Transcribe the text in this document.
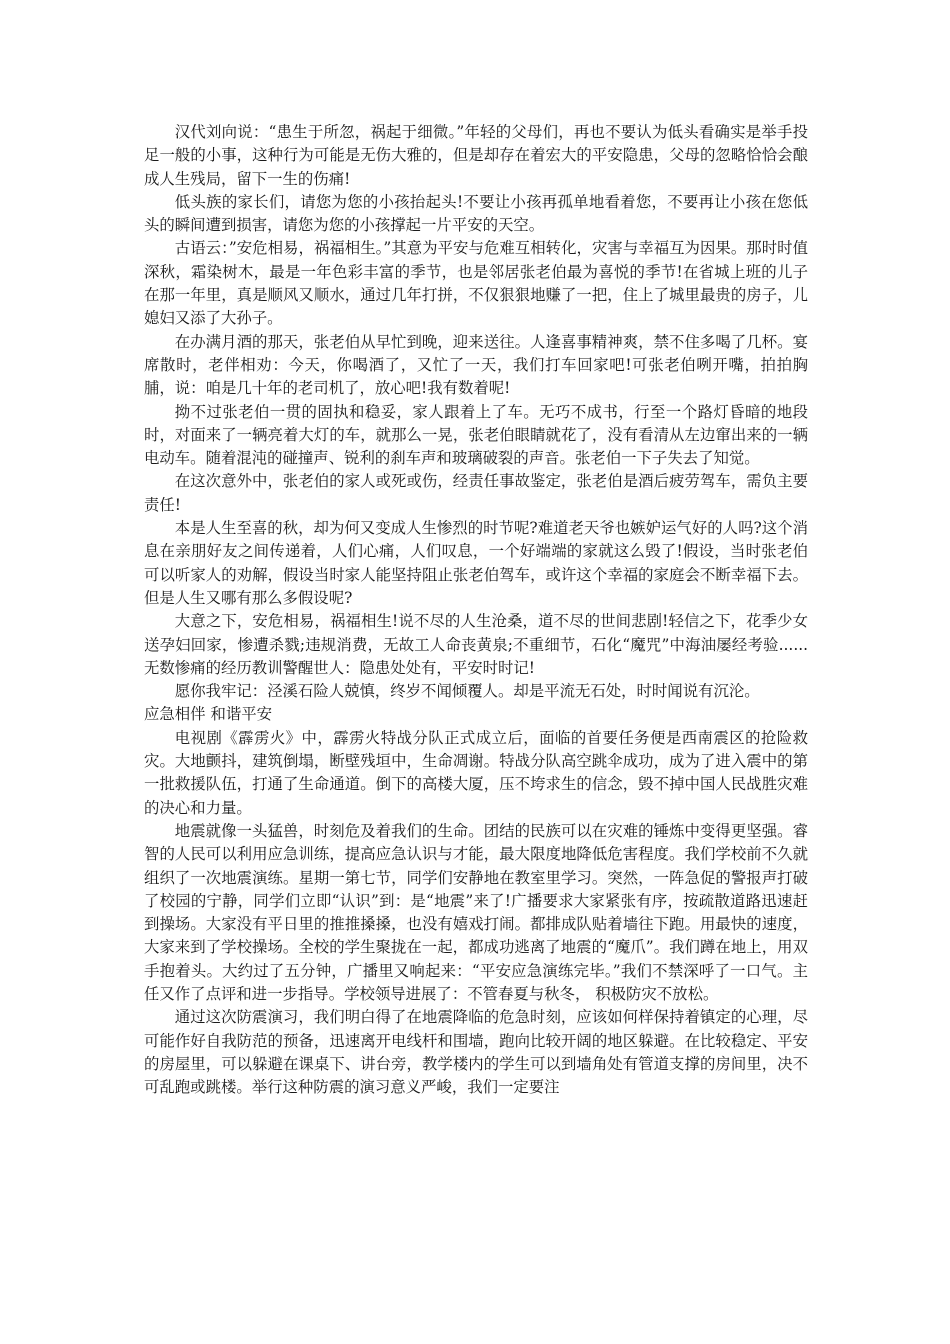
汉代刘向说：“患生于所忽，祸起于细微。”年轻的父母们，再也不要认为低头看确实是举手投足一般的小事，这种行为可能是无伤大雅的，但是却存在着宏大的平安隐患，父母的忽略恰恰会酿成人生残局，留下一生的伤痛!

低头族的家长们，请您为您的小孩抬起头!不要让小孩再孤单地看着您，不要再让小孩在您低头的瞬间遭到损害，请您为您的小孩撑起一片平安的天空。

古语云：”安危相易，祸福相生。”其意为平安与危难互相转化，灾害与幸福互为因果。那时时值深秋，霜染树木，最是一年色彩丰富的季节，也是邻居张老伯最为喜悦的季节!在省城上班的儿子在那一年里，真是顺风又顺水，通过几年打拼，不仅狠狠地赚了一把，住上了城里最贵的房子，儿媳妇又添了大孙子。

在办满月酒的那天，张老伯从早忙到晚，迎来送往。人逢喜事精神爽，禁不住多喝了几杯。宴席散时，老伴相劝：今天，你喝酒了，又忙了一天，我们打车回家吧!可张老伯咧开嘴，拍拍胸脯，说：咱是几十年的老司机了，放心吧!我有数着呢!

拗不过张老伯一贯的固执和稳妥，家人跟着上了车。无巧不成书，行至一个路灯昏暗的地段时，对面来了一辆亮着大灯的车，就那么一晃，张老伯眼睛就花了，没有看清从左边窜出来的一辆电动车。随着混沌的碰撞声、锐利的刹车声和玻璃破裂的声音。张老伯一下子失去了知觉。

在这次意外中，张老伯的家人或死或伤，经责任事故鉴定，张老伯是酒后疲劳驾车，需负主要责任!

本是人生至喜的秋，却为何又变成人生惨烈的时节呢?难道老天爷也嫉妒运气好的人吗?这个消息在亲朋好友之间传递着，人们心痛，人们叹息，一个好端端的家就这么毁了!假设，当时张老伯可以听家人的劝解，假设当时家人能坚持阻止张老伯驾车，或许这个幸福的家庭会不断幸福下去。但是人生又哪有那么多假设呢?

大意之下，安危相易，祸福相生!说不尽的人生沧桑，道不尽的世间悲剧!轻信之下，花季少女送孕妇回家，惨遭杀戮;违规消费，无故工人命丧黄泉;不重细节，石化“魔咒”中海油屡经考验......无数惨痛的经历教训警醒世人：隐患处处有，平安时时记!

愿你我牢记：泾溪石险人兢慎，终岁不闻倾覆人。却是平流无石处，时时闻说有沉沦。

应急相伴 和谐平安

电视剧《霹雳火》中，霹雳火特战分队正式成立后，面临的首要任务便是西南震区的抢险救灾。大地颤抖，建筑倒塌，断壁残垣中，生命凋谢。特战分队高空跳伞成功，成为了进入震中的第一批救援队伍，打通了生命通道。倒下的高楼大厦，压不垮求生的信念，毁不掉中国人民战胜灾难的决心和力量。

地震就像一头猛兽，时刻危及着我们的生命。团结的民族可以在灾难的锤炼中变得更坚强。睿智的人民可以利用应急训练，提高应急认识与才能，最大限度地降低危害程度。我们学校前不久就组织了一次地震演练。星期一第七节，同学们安静地在教室里学习。突然，一阵急促的警报声打破了校园的宁静，同学们立即“认识”到：是“地震”来了!广播要求大家紧张有序，按疏散道路迅速赶到操场。大家没有平日里的推推搡搡，也没有嬉戏打闹。都排成队贴着墙往下跑。用最快的速度，大家来到了学校操场。全校的学生聚拢在一起，都成功逃离了地震的“魔爪”。我们蹲在地上，用双手抱着头。大约过了五分钟，广播里又响起来：“平安应急演练完毕。”我们不禁深呼了一口气。主任又作了点评和进一步指导。学校领导进展了：不管春夏与秋冬， 积极防灾不放松。

通过这次防震演习，我们明白得了在地震降临的危急时刻，应该如何样保持着镇定的心理，尽可能作好自我防范的预备，迅速离开电线杆和围墙，跑向比较开阔的地区躲避。在比较稳定、平安的房屋里，可以躲避在课桌下、讲台旁，教学楼内的学生可以到墙角处有管道支撑的房间里，决不可乱跑或跳楼。举行这种防震的演习意义严峻，我们一定要注
